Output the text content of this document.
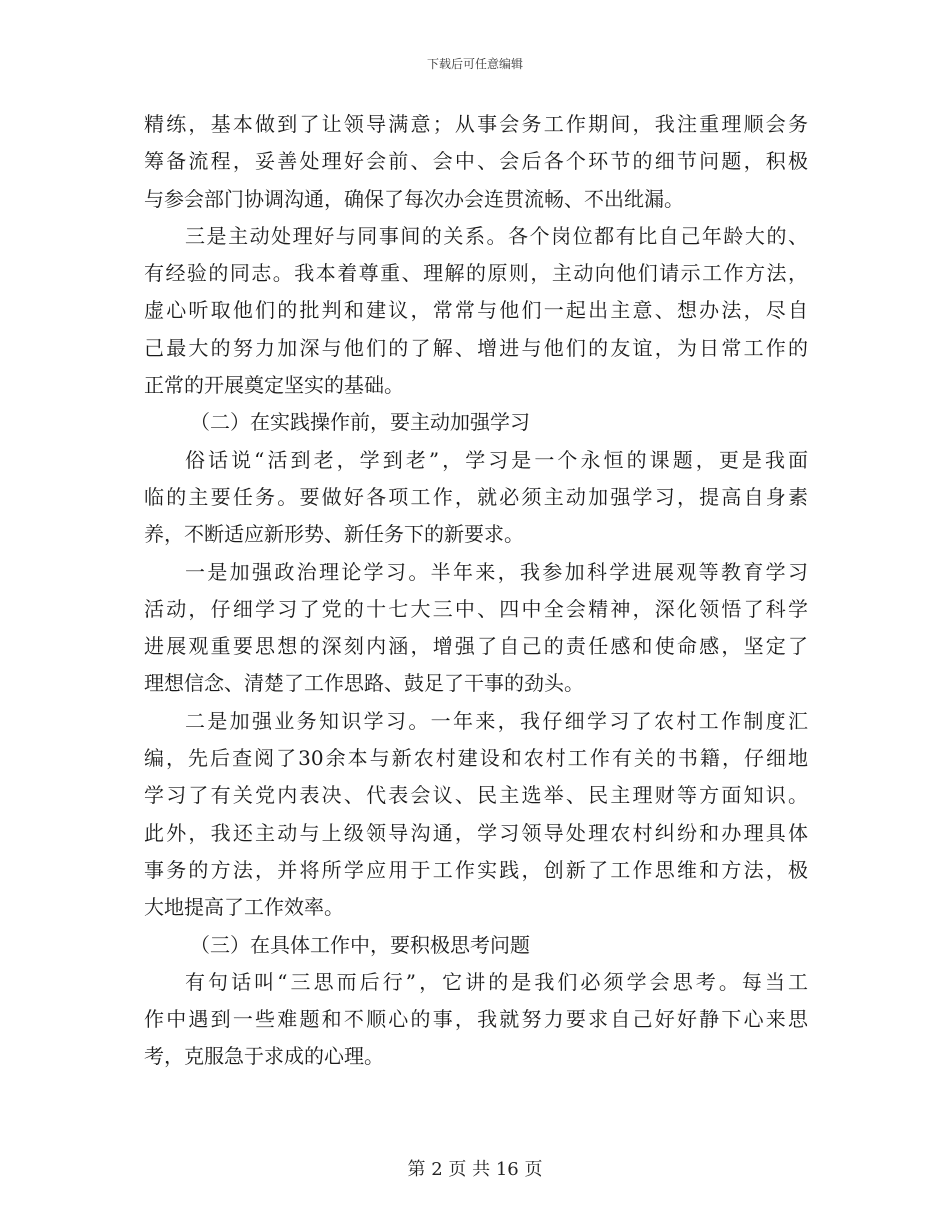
下载后可任意编辑
精练，基本做到了让领导满意；从事会务工作期间，我注重理顺会务
筹备流程，妥善处理好会前、会中、会后各个环节的细节问题，积极
与参会部门协调沟通，确保了每次办会连贯流畅、不出纰漏。
三是主动处理好与同事间的关系。各个岗位都有比自己年龄大的、
有经验的同志。我本着尊重、理解的原则，主动向他们请示工作方法，
虚心听取他们的批判和建议，常常与他们一起出主意、想办法，尽自
己最大的努力加深与他们的了解、增进与他们的友谊，为日常工作的
正常的开展奠定坚实的基础。
（二）在实践操作前，要主动加强学习
俗话说“活到老，学到老”，学习是一个永恒的课题，更是我面
临的主要任务。要做好各项工作，就必须主动加强学习，提高自身素
养，不断适应新形势、新任务下的新要求。
一是加强政治理论学习。半年来，我参加科学进展观等教育学习
活动，仔细学习了党的十七大三中、四中全会精神，深化领悟了科学
进展观重要思想的深刻内涵，增强了自己的责任感和使命感，坚定了
理想信念、清楚了工作思路、鼓足了干事的劲头。
二是加强业务知识学习。一年来，我仔细学习了农村工作制度汇
编，先后查阅了30余本与新农村建设和农村工作有关的书籍，仔细地
学习了有关党内表决、代表会议、民主选举、民主理财等方面知识。
此外，我还主动与上级领导沟通，学习领导处理农村纠纷和办理具体
事务的方法，并将所学应用于工作实践，创新了工作思维和方法，极
大地提高了工作效率。
（三）在具体工作中，要积极思考问题
有句话叫“三思而后行”，它讲的是我们必须学会思考。每当工
作中遇到一些难题和不顺心的事，我就努力要求自己好好静下心来思
考，克服急于求成的心理。
第 2 页 共 16 页
